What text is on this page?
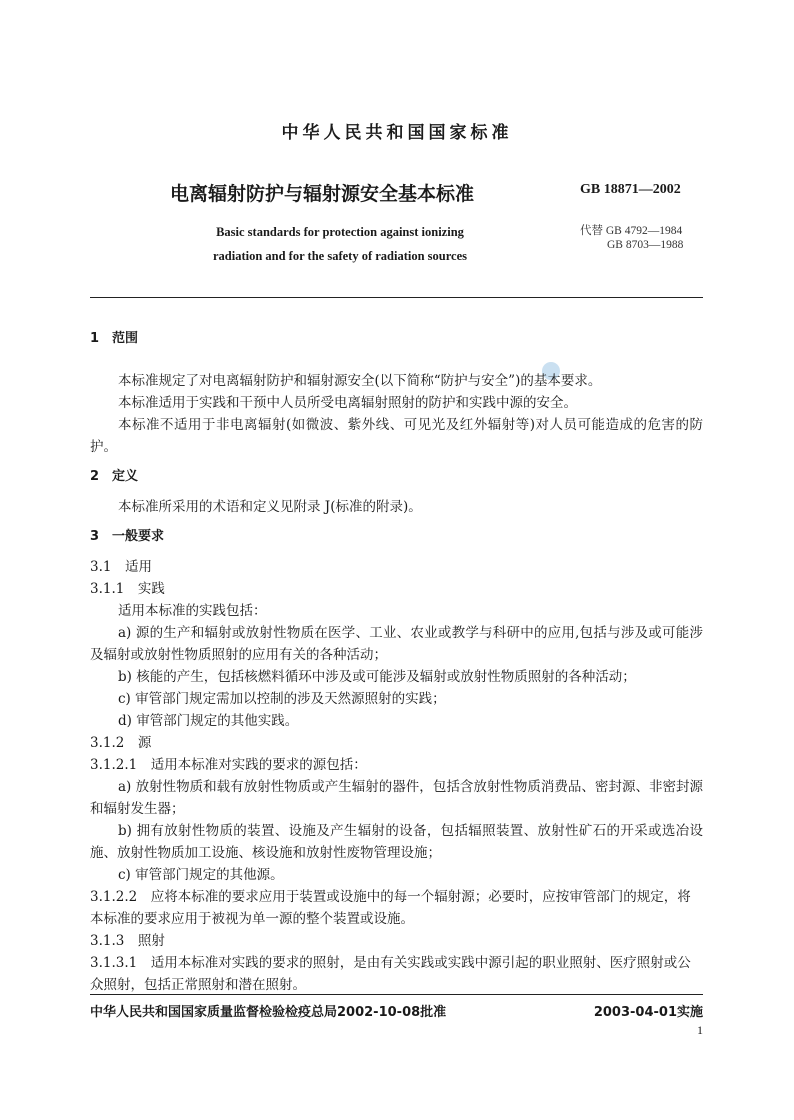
中华人民共和国国家标准
电离辐射防护与辐射源安全基本标准	GB 18871—2002
Basic standards for protection against ionizing
radiation and for the safety of radiation sources
代替 GB 4792—1984
GB 8703—1988

1　范围

本标准规定了对电离辐射防护和辐射源安全(以下简称“防护与安全”)的基本要求。

本标准适用于实践和干预中人员所受电离辐射照射的防护和实践中源的安全。

本标准不适用于非电离辐射(如微波、紫外线、可见光及红外辐射等)对人员可能造成的危害的防护。

2　定义

本标准所采用的术语和定义见附录 J(标准的附录)。

3　一般要求

3.1　适用

3.1.1　实践

适用本标准的实践包括：

a) 源的生产和辐射或放射性物质在医学、工业、农业或教学与科研中的应用,包括与涉及或可能涉及辐射或放射性物质照射的应用有关的各种活动；

b) 核能的产生，包括核燃料循环中涉及或可能涉及辐射或放射性物质照射的各种活动；

c) 审管部门规定需加以控制的涉及天然源照射的实践；

d) 审管部门规定的其他实践。

3.1.2　源

3.1.2.1　适用本标准对实践的要求的源包括：

a) 放射性物质和载有放射性物质或产生辐射的器件，包括含放射性物质消费品、密封源、非密封源和辐射发生器；

b) 拥有放射性物质的装置、设施及产生辐射的设备，包括辐照装置、放射性矿石的开采或选冶设施、放射性物质加工设施、核设施和放射性废物管理设施；

c) 审管部门规定的其他源。

3.1.2.2　应将本标准的要求应用于装置或设施中的每一个辐射源；必要时，应按审管部门的规定，将本标准的要求应用于被视为单一源的整个装置或设施。

3.1.3　照射

3.1.3.1　适用本标准对实践的要求的照射，是由有关实践或实践中源引起的职业照射、医疗照射或公众照射，包括正常照射和潜在照射。

中华人民共和国国家质量监督检验检疫总局2002-10-08批准	2003-04-01实施
1
